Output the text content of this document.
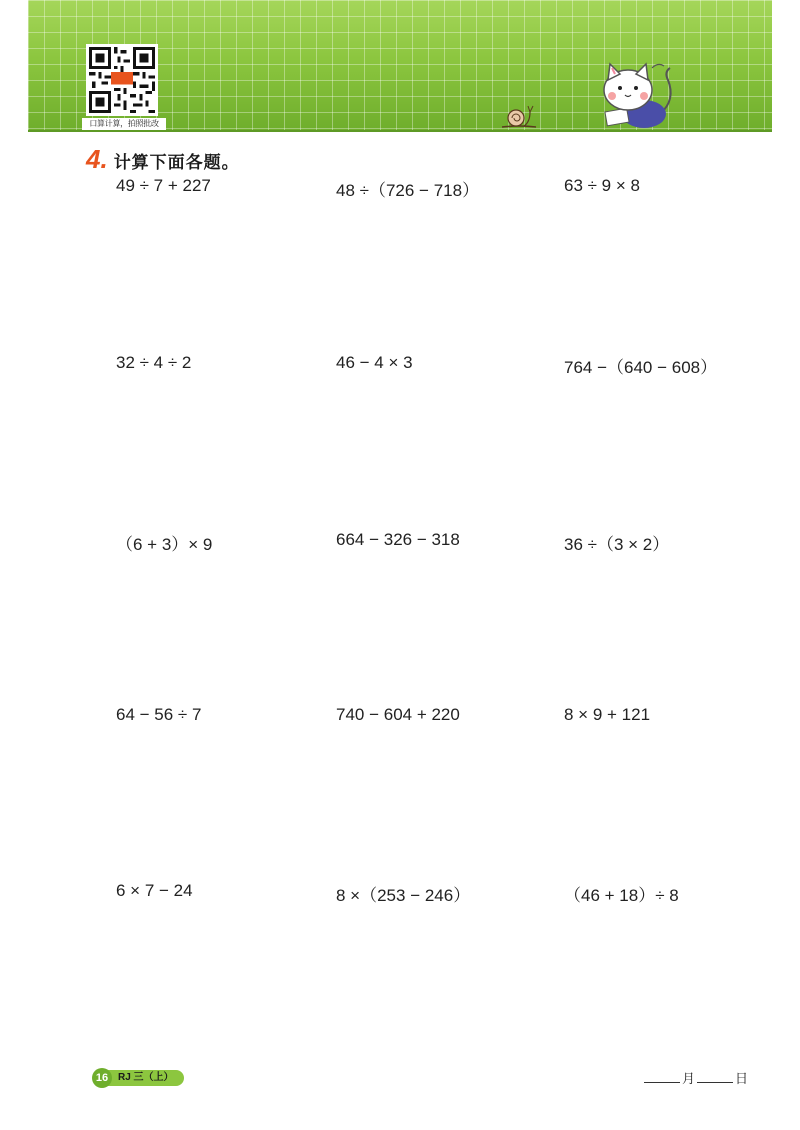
口算计算，拍照批改
4. 计算下面各题。
49 ÷ 7 + 227	48 ÷（726 − 718）	63 ÷ 9 × 8
32 ÷ 4 ÷ 2	46 − 4 × 3	764 −（640 − 608）
（6 + 3）× 9	664 − 326 − 318	36 ÷（3 × 2）
64 − 56 ÷ 7	740 − 604 + 220	8 × 9 + 121
6 × 7 − 24	8 ×（253 − 246）	（46 + 18）÷ 8
16 RJ 三（上）	月	日
